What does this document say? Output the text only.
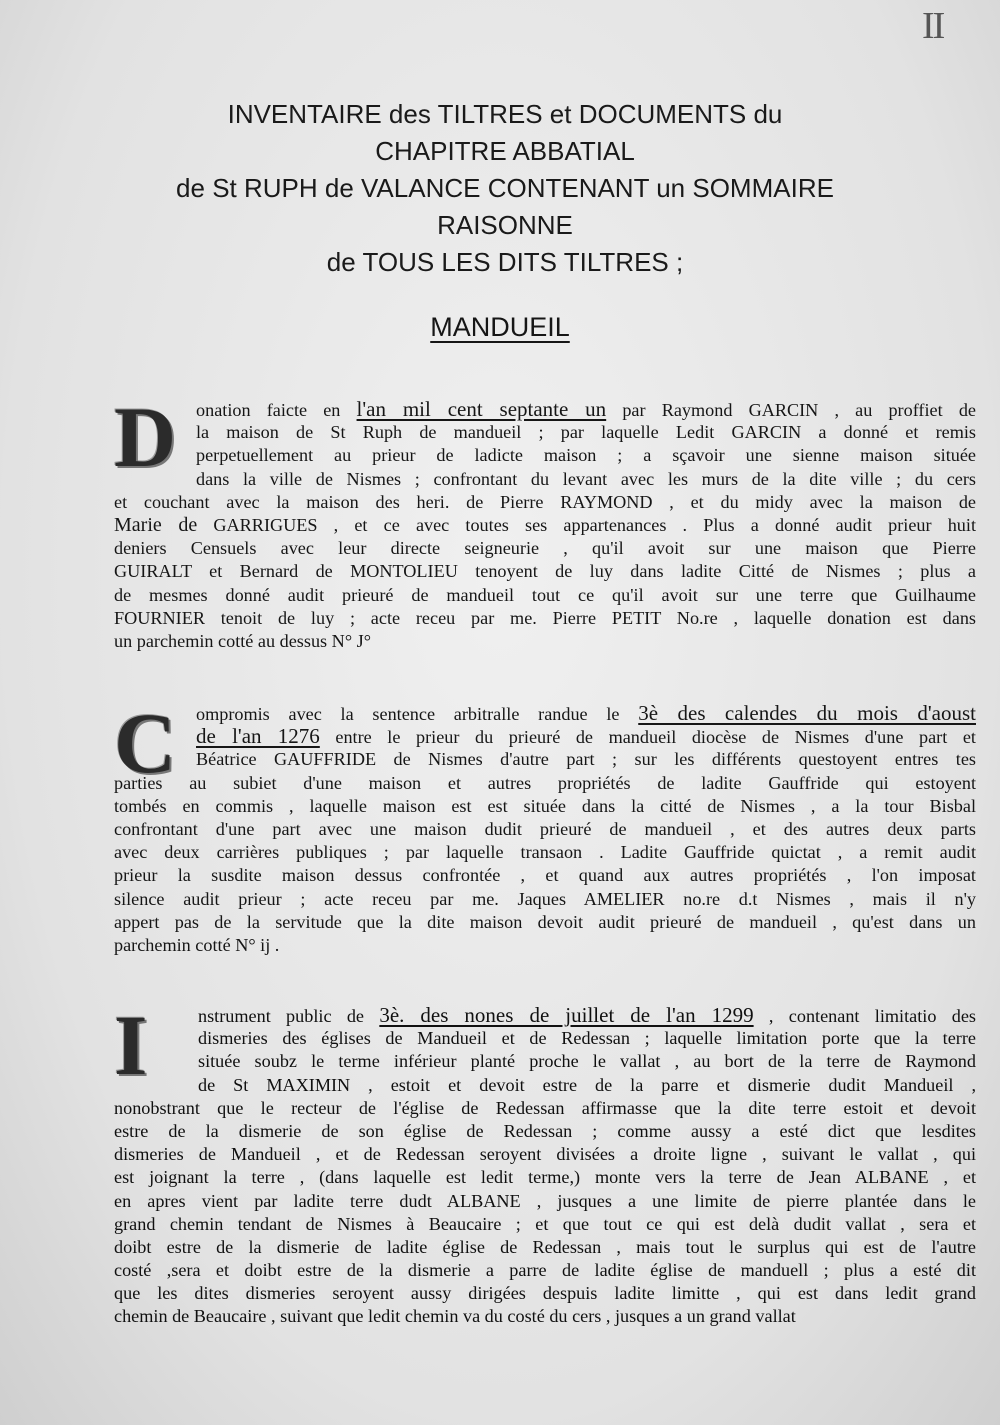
II
INVENTAIRE des TILTRES et DOCUMENTS du
CHAPITRE ABBATIAL
de St RUPH de VALANCE CONTENANT un SOMMAIRE
RAISONNE
de TOUS LES DITS TILTRES ;
MANDUEIL
D	onation faicte en l'an mil cent septante un par Raymond GARCIN , au proffiet de
la maison de St Ruph de mandueil ; par laquelle Ledit GARCIN a donné et remis
perpetuellement au prieur de ladicte maison ; a sçavoir une sienne maison située
dans la ville de Nismes ; confrontant du levant avec les murs de la dite ville ; du cers
et couchant avec la maison des heri. de Pierre RAYMOND , et du midy avec la maison de
Marie de GARRIGUES , et ce avec toutes ses appartenances . Plus a donné audit prieur huit
deniers Censuels avec leur directe seigneurie , qu'il avoit sur une maison que Pierre
GUIRALT et Bernard de MONTOLIEU tenoyent de luy dans ladite Citté de Nismes ; plus a
de mesmes donné audit prieuré de mandueil tout ce qu'il avoit sur une terre que Guilhaume
FOURNIER tenoit de luy ; acte receu par me. Pierre PETIT No.re , laquelle donation est dans
un parchemin cotté au dessus N° J°
C	ompromis avec la sentence arbitralle randue le 3è des calendes du mois d'aoust
de l'an 1276 entre le prieur du prieuré de mandueil diocèse de Nismes d'une part et
Béatrice GAUFFRIDE de Nismes d'autre part ; sur les différents questoyent entres tes
parties au subiet d'une maison et autres propriétés de ladite Gauffride qui estoyent
tombés en commis , laquelle maison est est située dans la citté de Nismes , a la tour Bisbal
confrontant d'une part avec une maison dudit prieuré de mandueil , et des autres deux parts
avec deux carrières publiques ; par laquelle transaon . Ladite Gauffride quictat , a remit audit
prieur la susdite maison dessus confrontée , et quand aux autres propriétés , l'on imposat
silence audit prieur ; acte receu par me. Jaques AMELIER no.re d.t Nismes , mais il n'y
appert pas de la servitude que la dite maison devoit audit prieuré de mandueil , qu'est dans un
parchemin cotté N° ij .
I	nstrument public de 3è. des nones de juillet de l'an 1299 , contenant limitatio des
dismeries des églises de Mandueil et de Redessan ; laquelle limitation porte que la terre
située soubz le terme inférieur planté proche le vallat , au bort de la terre de Raymond
de St MAXIMIN , estoit et devoit estre de la parre et dismerie dudit Mandueil ,
nonobstrant que le recteur de l'église de Redessan affirmasse que la dite terre estoit et devoit
estre de la dismerie de son église de Redessan ; comme aussy a esté dict que lesdites
dismeries de Mandueil , et de Redessan seroyent divisées a droite ligne , suivant le vallat , qui
est joignant la terre , (dans laquelle est ledit terme,) monte vers la terre de Jean ALBANE , et
en apres vient par ladite terre dudt ALBANE , jusques a une limite de pierre plantée dans le
grand chemin tendant de Nismes à Beaucaire ; et que tout ce qui est delà dudit vallat , sera et
doibt estre de la dismerie de ladite église de Redessan , mais tout le surplus qui est de l'autre
costé ,sera et doibt estre de la dismerie a parre de ladite église de manduell ; plus a esté dit
que les dites dismeries seroyent aussy dirigées despuis ladite limitte , qui est dans ledit grand
chemin de Beaucaire , suivant que ledit chemin va du costé du cers , jusques a un grand vallat
